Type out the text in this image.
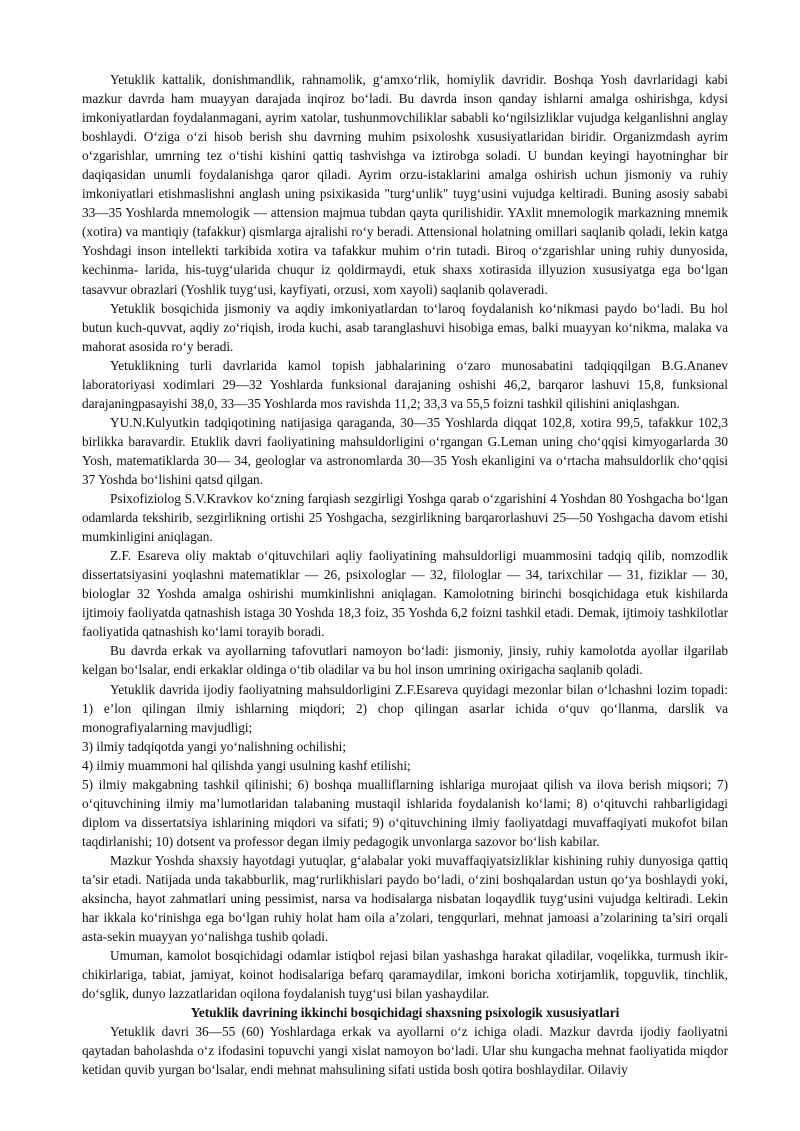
Yetuklik kattalik, donishmandlik, rahnamolik, g‘amxo‘rlik, homiylik davridir. Boshqa Yosh davrlaridagi kabi mazkur davrda ham muayyan darajada inqiroz bo‘ladi. Bu davrda inson qanday ishlarni amalga oshirishga, kdysi imkoniyatlardan foydalanmagani, ayrim xatolar, tushunmovchiliklar sababli ko‘ngilsizliklar vujudga kelganlishni anglay boshlaydi. O‘ziga o‘zi hisob berish shu davrning muhim psixoloshk xususiyatlaridan biridir. Organizmdash ayrim o‘zgarishlar, umrning tez o‘tishi kishini qattiq tashvishga va iztirobga soladi. U bundan keyingi hayotninghar bir daqiqasidan unumli foydalanishga qaror qiladi. Ayrim orzu-istaklarini amalga oshirish uchun jismoniy va ruhiy imkoniyatlari etishmaslishni anglash uning psixikasida "turg‘unlik" tuyg‘usini vujudga keltiradi. Buning asosiy sababi 33—35 Yoshlarda mnemologik — attension majmua tubdan qayta qurilishidir. YAxlit mnemologik markazning mnemik (xotira) va mantiqiy (tafakkur) qismlarga ajralishi ro‘y beradi. Attensional holatning omillari saqlanib qoladi, lekin katga Yoshdagi inson intellekti tarkibida xotira va tafakkur muhim o‘rin tutadi. Biroq o‘zgarishlar uning ruhiy dunyosida, kechinma- larida, his-tuyg‘ularida chuqur iz qoldirmaydi, etuk shaxs xotirasida illyuzion xususiyatga ega bo‘lgan tasavvur obrazlari (Yoshlik tuyg‘usi, kayfiyati, orzusi, xom xayoli) saqlanib qolaveradi.

Yetuklik bosqichida jismoniy va aqdiy imkoniyatlardan to‘laroq foydalanish ko‘nikmasi paydo bo‘ladi. Bu hol butun kuch-quvvat, aqdiy zo‘riqish, iroda kuchi, asab taranglashuvi hisobiga emas, balki muayyan ko‘nikma, malaka va mahorat asosida ro‘y beradi.

Yetuklikning turli davrlarida kamol topish jabhalarining o‘zaro munosabatini tadqiqqilgan B.G.Ananev laboratoriyasi xodimlari 29—32 Yoshlarda funksional darajaning oshishi 46,2, barqaror lashuvi 15,8, funksional darajaningpasayishi 38,0, 33—35 Yoshlarda mos ravishda 11,2; 33,3 va 55,5 foizni tashkil qilishini aniqlashgan.

YU.N.Kulyutkin tadqiqotining natijasiga qaraganda, 30—35 Yoshlarda diqqat 102,8, xotira 99,5, tafakkur 102,3 birlikka baravardir. Etuklik davri faoliyatining mahsuldorligini o‘rgangan G.Leman uning cho‘qqisi kimyogarlarda 30 Yosh, matematiklarda 30— 34, geologlar va astronomlarda 30—35 Yosh ekanligini va o‘rtacha mahsuldorlik cho‘qqisi 37 Yoshda bo‘lishini qatsd qilgan.

Psixofiziolog S.V.Kravkov ko‘zning farqiash sezgirligi Yoshga qarab o‘zgarishini 4 Yoshdan 80 Yoshgacha bo‘lgan odamlarda tekshirib, sezgirlikning ortishi 25 Yoshgacha, sezgirlikning barqarorlashuvi 25—50 Yoshgacha davom etishi mumkinligini aniqlagan.

Z.F. Esareva oliy maktab o‘qituvchilari aqliy faoliyatining mahsuldorligi muammosini tadqiq qilib, nomzodlik dissertatsiyasini yoqlashni matematiklar — 26, psixologlar — 32, filologlar — 34, tarixchilar — 31, fiziklar — 30, biologlar 32 Yoshda amalga oshirishi mumkinlishni aniqlagan. Kamolotning birinchi bosqichidaga etuk kishilarda ijtimoiy faoliyatda qatnashish istaga 30 Yoshda 18,3 foiz, 35 Yoshda 6,2 foizni tashkil etadi. Demak, ijtimoiy tashkilotlar faoliyatida qatnashish ko‘lami torayib boradi.

Bu davrda erkak va ayollarning tafovutlari namoyon bo‘ladi: jismoniy, jinsiy, ruhiy kamolotda ayollar ilgarilab kelgan bo‘lsalar, endi erkaklar oldinga o‘tib oladilar va bu hol inson umrining oxirigacha saqlanib qoladi.

Yetuklik davrida ijodiy faoliyatning mahsuldorligini Z.F.Esareva quyidagi mezonlar bilan o‘lchashni lozim topadi: 1) e’lon qilingan ilmiy ishlarning miqdori; 2) chop qilingan asarlar ichida o‘quv qo‘llanma, darslik va monografiyalarning mavjudligi;

3) ilmiy tadqiqotda yangi yo‘nalishning ochilishi;

4) ilmiy muammoni hal qilishda yangi usulning kashf etilishi;

5) ilmiy makgabning tashkil qilinishi; 6) boshqa mualliflarning ishlariga murojaat qilish va ilova berish miqsori; 7) o‘qituvchining ilmiy ma’lumotlaridan talabaning mustaqil ishlarida foydalanish ko‘lami; 8) o‘qituvchi rahbarligidagi diplom va dissertatsiya ishlarining miqdori va sifati; 9) o‘qituvchining ilmiy faoliyatdagi muvaffaqiyati mukofot bilan taqdirlanishi; 10) dotsent va professor degan ilmiy pedagogik unvonlarga sazovor bo‘lish kabilar.

Mazkur Yoshda shaxsiy hayotdagi yutuqlar, g‘alabalar yoki muvaffaqiyatsizliklar kishining ruhiy dunyosiga qattiq ta’sir etadi. Natijada unda takabburlik, mag‘rurlikhislari paydo bo‘ladi, o‘zini boshqalardan ustun qo‘ya boshlaydi yoki, aksincha, hayot zahmatlari uning pessimist, narsa va hodisalarga nisbatan loqaydlik tuyg‘usini vujudga keltiradi. Lekin har ikkala ko‘rinishga ega bo‘lgan ruhiy holat ham oila a’zolari, tengqurlari, mehnat jamoasi a’zolarining ta’siri orqali asta-sekin muayyan yo‘nalishga tushib qoladi.

Umuman, kamolot bosqichidagi odamlar istiqbol rejasi bilan yashashga harakat qiladilar, voqelikka, turmush ikir-chikirlariga, tabiat, jamiyat, koinot hodisalariga befarq qaramaydilar, imkoni boricha xotirjamlik, topguvlik, tinchlik, do‘sglik, dunyo lazzatlaridan oqilona foydalanish tuyg‘usi bilan yashaydilar.

Yetuklik davrining ikkinchi bosqichidagi shaxsning psixologik xususiyatlari

Yetuklik davri 36—55 (60) Yoshlardaga erkak va ayollarni o‘z ichiga oladi. Mazkur davrda ijodiy faoliyatni qaytadan baholashda o‘z ifodasini topuvchi yangi xislat namoyon bo‘ladi. Ular shu kungacha mehnat faoliyatida miqdor ketidan quvib yurgan bo‘lsalar, endi mehnat mahsulining sifati ustida bosh qotira boshlaydilar. Oilaviy
